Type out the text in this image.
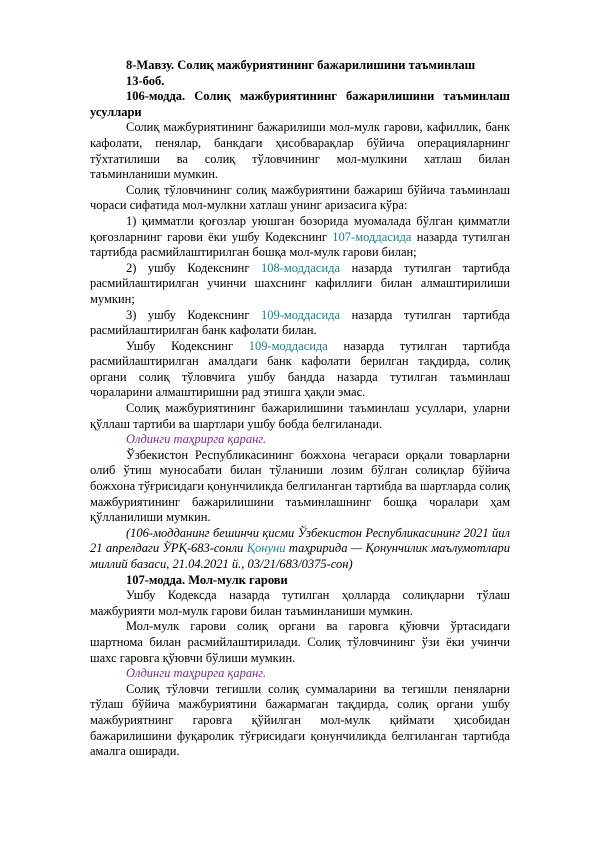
8-Мавзу. Солиқ мажбуриятининг бажарилишини таъминлаш

13-боб.

106-модда. Солиқ мажбуриятининг бажарилишини таъминлаш усуллари

Солиқ мажбуриятининг бажарилиши мол-мулк гарови, кафиллик, банк кафолати, пенялар, банкдаги ҳисобварақлар бўйича операцияларнинг тўхтатилиши ва солиқ тўловчининг мол-мулкини хатлаш билан таъминланиши мумкин.

Солиқ тўловчининг солиқ мажбуриятини бажариш бўйича таъминлаш чораси сифатида мол-мулкни хатлаш унинг аризасига кўра:

1) қимматли қоғозлар уюшган бозорида муомалада бўлган қимматли қоғозларнинг гарови ёки ушбу Кодекснинг 107-моддасида назарда тутилган тартибда расмийлаштирилган бошқа мол-мулк гарови билан;

2) ушбу Кодекснинг 108-моддасида назарда тутилган тартибда расмийлаштирилган учинчи шахснинг кафиллиги билан алмаштирилиши мумкин;

3) ушбу Кодекснинг 109-моддасида назарда тутилган тартибда расмийлаштирилган банк кафолати билан.

Ушбу Кодекснинг 109-моддасида назарда тутилган тартибда расмийлаштирилган амалдаги банк кафолати берилган тақдирда, солиқ органи солиқ тўловчига ушбу бандда назарда тутилган таъминлаш чораларини алмаштиришни рад этишга ҳақли эмас.

Солиқ мажбуриятининг бажарилишини таъминлаш усуллари, уларни қўллаш тартиби ва шартлари ушбу бобда белгиланади.

Олдинги таҳрирга қаранг.

Ўзбекистон Республикасининг божхона чегараси орқали товарларни олиб ўтиш муносабати билан тўланиши лозим бўлган солиқлар бўйича божхона тўғрисидаги қонунчиликда белгиланган тартибда ва шартларда солиқ мажбуриятининг бажарилишини таъминлашнинг бошқа чоралари ҳам қўлланилиши мумкин.

(106-модданинг бешинчи қисми Ўзбекистон Республикасининг 2021 йил 21 апрелдаги ЎРҚ-683-сонли Қонуни таҳририда — Қонунчилик маълумотлари миллий базаси, 21.04.2021 й., 03/21/683/0375-сон)

107-модда. Мол-мулк гарови

Ушбу Кодексда назарда тутилган ҳолларда солиқларни тўлаш мажбурияти мол-мулк гарови билан таъминланиши мумкин.

Мол-мулк гарови солиқ органи ва гаровга қўювчи ўртасидаги шартнома билан расмийлаштирилади. Солиқ тўловчининг ўзи ёки учинчи шахс гаровга қўювчи бўлиши мумкин.

Олдинги таҳрирга қаранг.

Солиқ тўловчи тегишли солиқ суммаларини ва тегишли пеняларни тўлаш бўйича мажбуриятини бажармаган тақдирда, солиқ органи ушбу мажбуриятнинг гаровга қўйилган мол-мулк қиймати ҳисобидан бажарилишини фуқаролик тўғрисидаги қонунчиликда белгиланган тартибда амалга оширади.
